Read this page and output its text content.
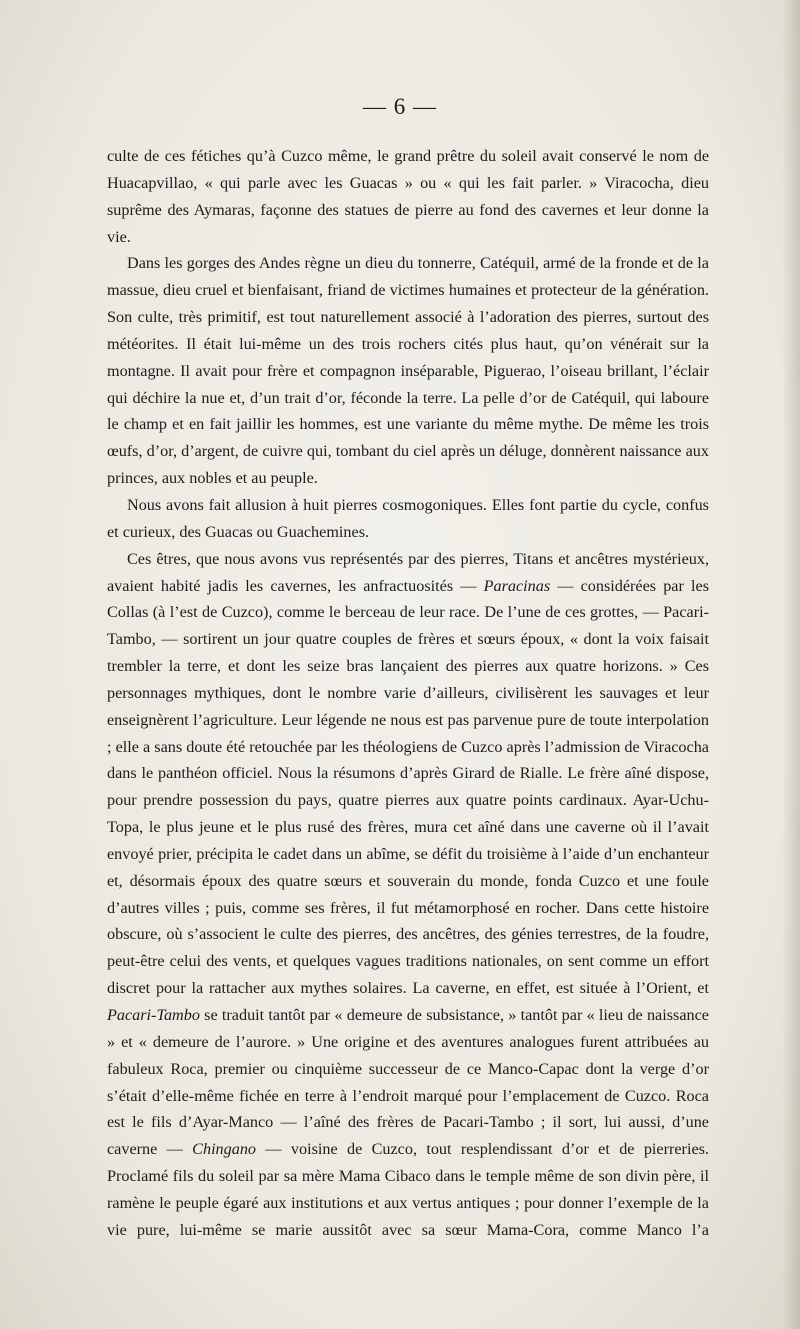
— 6 —

culte de ces fétiches qu’à Cuzco même, le grand prêtre du soleil avait conservé le nom de Huacapvillao, « qui parle avec les Guacas » ou « qui les fait parler. » Viracocha, dieu suprême des Aymaras, façonne des statues de pierre au fond des cavernes et leur donne la vie.

Dans les gorges des Andes règne un dieu du tonnerre, Catéquil, armé de la fronde et de la massue, dieu cruel et bienfaisant, friand de victimes humaines et protecteur de la génération. Son culte, très primitif, est tout naturellement associé à l’adoration des pierres, surtout des météorites. Il était lui-même un des trois rochers cités plus haut, qu’on vénérait sur la montagne. Il avait pour frère et compagnon inséparable, Piguerao, l’oiseau brillant, l’éclair qui déchire la nue et, d’un trait d’or, féconde la terre. La pelle d’or de Catéquil, qui laboure le champ et en fait jaillir les hommes, est une variante du même mythe. De même les trois œufs, d’or, d’argent, de cuivre qui, tombant du ciel après un déluge, donnèrent naissance aux princes, aux nobles et au peuple.

Nous avons fait allusion à huit pierres cosmogoniques. Elles font partie du cycle, confus et curieux, des Guacas ou Guachemines.

Ces êtres, que nous avons vus représentés par des pierres, Titans et ancêtres mystérieux, avaient habité jadis les cavernes, les anfractuosités — Paracinas — considérées par les Collas (à l’est de Cuzco), comme le berceau de leur race. De l’une de ces grottes, — Pacari-Tambo, — sortirent un jour quatre couples de frères et sœurs époux, « dont la voix faisait trembler la terre, et dont les seize bras lançaient des pierres aux quatre horizons. » Ces personnages mythiques, dont le nombre varie d’ailleurs, civilisèrent les sauvages et leur enseignèrent l’agriculture. Leur légende ne nous est pas parvenue pure de toute interpolation ; elle a sans doute été retouchée par les théologiens de Cuzco après l’admission de Viracocha dans le panthéon officiel. Nous la résumons d’après Girard de Rialle. Le frère aîné dispose, pour prendre possession du pays, quatre pierres aux quatre points cardinaux. Ayar-Uchu-Topa, le plus jeune et le plus rusé des frères, mura cet aîné dans une caverne où il l’avait envoyé prier, précipita le cadet dans un abîme, se défit du troisième à l’aide d’un enchanteur et, désormais époux des quatre sœurs et souverain du monde, fonda Cuzco et une foule d’autres villes ; puis, comme ses frères, il fut métamorphosé en rocher. Dans cette histoire obscure, où s’associent le culte des pierres, des ancêtres, des génies terrestres, de la foudre, peut-être celui des vents, et quelques vagues traditions nationales, on sent comme un effort discret pour la rattacher aux mythes solaires. La caverne, en effet, est située à l’Orient, et Pacari-Tambo se traduit tantôt par « demeure de subsistance, » tantôt par « lieu de naissance » et « demeure de l’aurore. » Une origine et des aventures analogues furent attribuées au fabuleux Roca, premier ou cinquième successeur de ce Manco-Capac dont la verge d’or s’était d’elle-même fichée en terre à l’endroit marqué pour l’emplacement de Cuzco. Roca est le fils d’Ayar-Manco — l’aîné des frères de Pacari-Tambo ; il sort, lui aussi, d’une caverne — Chingano — voisine de Cuzco, tout resplendissant d’or et de pierreries. Proclamé fils du soleil par sa mère Mama Cibaco dans le temple même de son divin père, il ramène le peuple égaré aux institutions et aux vertus antiques ; pour donner l’exemple de la vie pure, lui-même se marie aussitôt avec sa sœur Mama-Cora, comme Manco l’a
